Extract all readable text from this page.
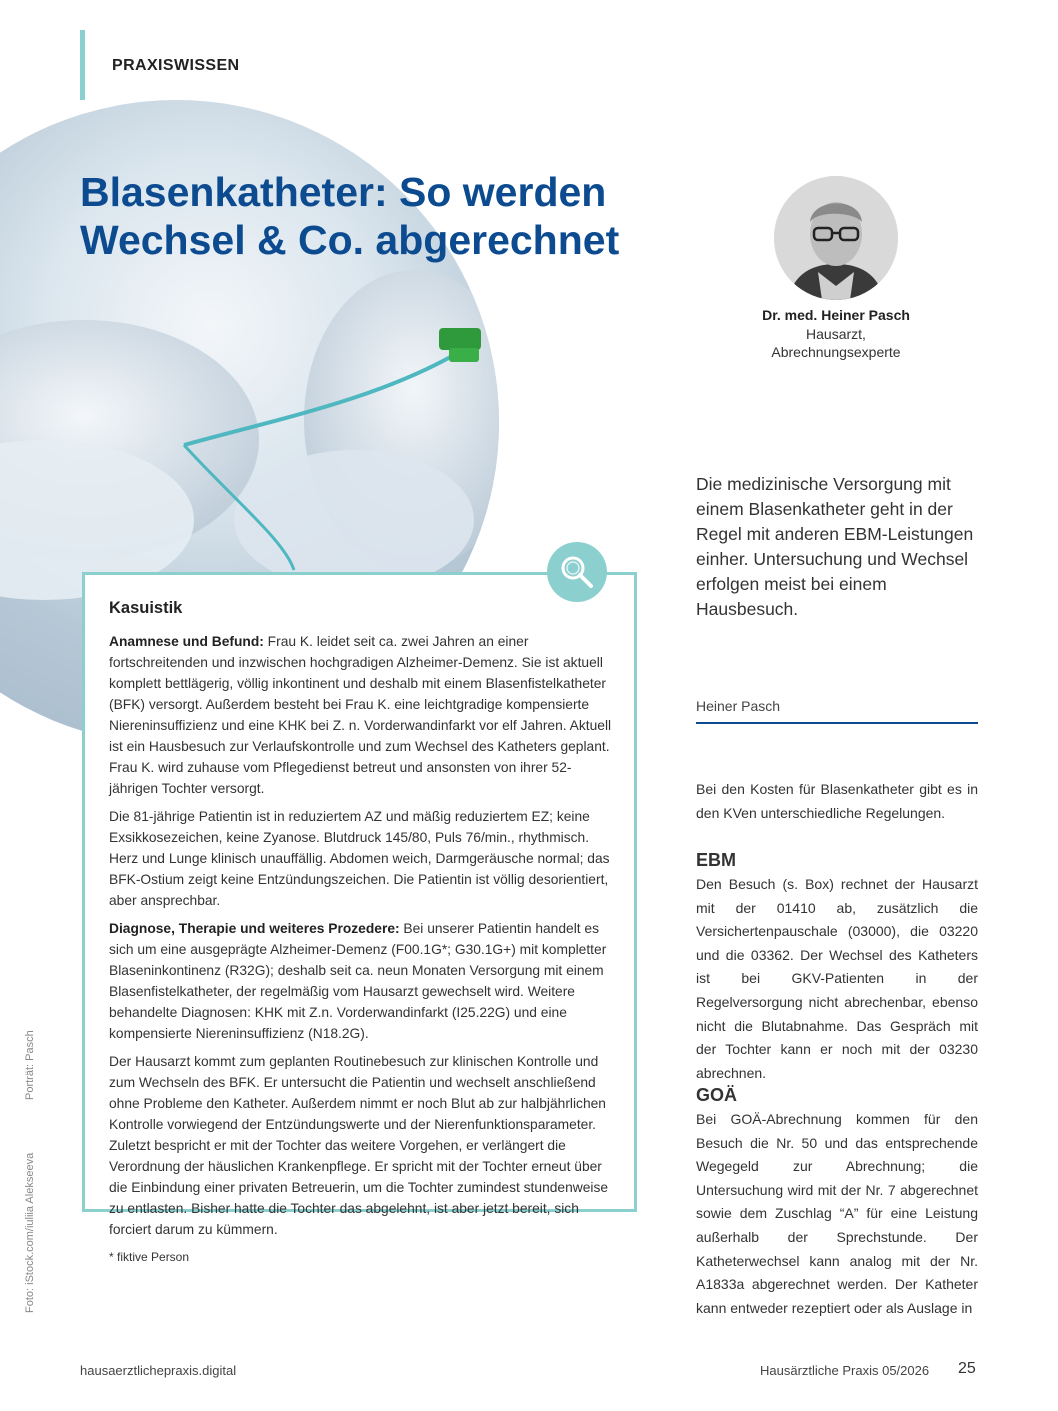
PRAXISWISSEN
Blasenkatheter: So werden
Wechsel & Co. abgerechnet
Dr. med. Heiner Pasch
Hausarzt,
Abrechnungsexperte
Die medizinische Versorgung mit einem Blasenkatheter geht in der Regel mit anderen EBM-Leistungen einher. Untersuchung und Wechsel erfolgen meist bei einem Hausbesuch.
Heiner Pasch
Bei den Kosten für Blasenkatheter gibt es in den KVen unterschiedliche Regelungen.
EBM
Den Besuch (s. Box) rechnet der Hausarzt mit der 01410 ab, zusätzlich die Versichertenpauschale (03000), die 03220 und die 03362. Der Wechsel des Katheters ist bei GKV-Patienten in der Regelversorgung nicht abrechenbar, ebenso nicht die Blutabnahme. Das Gespräch mit der Tochter kann er noch mit der 03230 abrechnen.
GOÄ
Bei GOÄ-Abrechnung kommen für den Besuch die Nr. 50 und das entsprechende Wegegeld zur Abrechnung; die Untersuchung wird mit der Nr. 7 abgerechnet sowie dem Zuschlag “A” für eine Leistung außerhalb der Sprechstunde. Der Katheterwechsel kann analog mit der Nr. A1833a abgerechnet werden. Der Katheter kann entweder rezeptiert oder als Auslage in
Kasuistik

Anamnese und Befund: Frau K. leidet seit ca. zwei Jahren an einer fortschreitenden und inzwischen hochgradigen Alzheimer-Demenz. Sie ist aktuell komplett bettlägerig, völlig inkontinent und deshalb mit einem Blasenfistelkatheter (BFK) versorgt. Außerdem besteht bei Frau K. eine leichtgradige kompensierte Niereninsuffizienz und eine KHK bei Z. n. Vorderwandinfarkt vor elf Jahren. Aktuell ist ein Hausbesuch zur Verlaufskontrolle und zum Wechsel des Katheters geplant. Frau K. wird zuhause vom Pflegedienst betreut und ansonsten von ihrer 52-jährigen Tochter versorgt.

Die 81-jährige Patientin ist in reduziertem AZ und mäßig reduziertem EZ; keine Exsikkosezeichen, keine Zyanose. Blutdruck 145/80, Puls 76/min., rhythmisch. Herz und Lunge klinisch unauffällig. Abdomen weich, Darmgeräusche normal; das BFK-Ostium zeigt keine Entzündungszeichen. Die Patientin ist völlig desorientiert, aber ansprechbar.

Diagnose, Therapie und weiteres Prozedere: Bei unserer Patientin handelt es sich um eine ausgeprägte Alzheimer-Demenz (F00.1G*; G30.1G+) mit kompletter Blaseninkontinenz (R32G); deshalb seit ca. neun Monaten Versorgung mit einem Blasenfistelkatheter, der regelmäßig vom Hausarzt gewechselt wird. Weitere behandelte Diagnosen: KHK mit Z.n. Vorderwandinfarkt (I25.22G) und eine kompensierte Niereninsuffizienz (N18.2G).

Der Hausarzt kommt zum geplanten Routinebesuch zur klinischen Kontrolle und zum Wechseln des BFK. Er untersucht die Patientin und wechselt anschließend ohne Probleme den Katheter. Außerdem nimmt er noch Blut ab zur halbjährlichen Kontrolle vorwiegend der Entzündungswerte und der Nierenfunktionsparameter. Zuletzt bespricht er mit der Tochter das weitere Vorgehen, er verlängert die Verordnung der häuslichen Krankenpflege. Er spricht mit der Tochter erneut über die Einbindung einer privaten Betreuerin, um die Tochter zumindest stundenweise zu entlasten. Bisher hatte die Tochter das abgelehnt, ist aber jetzt bereit, sich forciert darum zu kümmern.

* fiktive Person
Porträt: Pasch
Foto: iStock.com/iuliia Alekseeva
hausaerztlichepraxis.digital	Hausärztliche Praxis 05/2026 25
